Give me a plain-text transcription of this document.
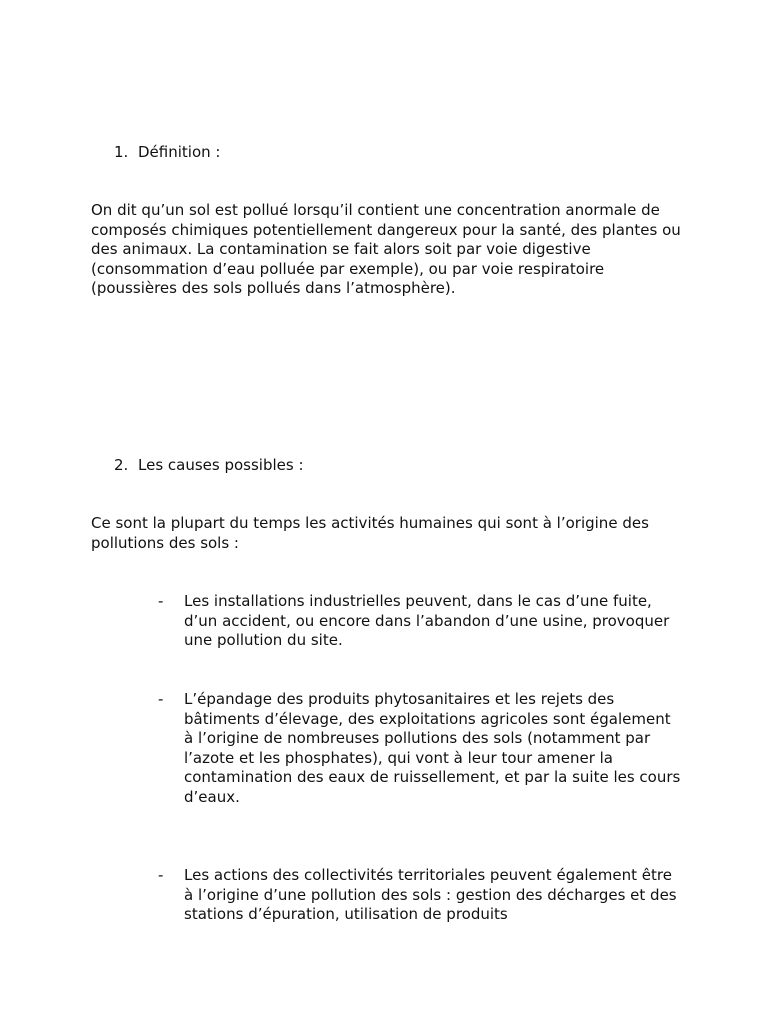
1. Définition :

On dit qu’un sol est pollué lorsqu’il contient une concentration anormale de composés chimiques potentiellement dangereux pour la santé, des plantes ou des animaux. La contamination se fait alors soit par voie digestive (consommation d’eau polluée par exemple), ou par voie respiratoire (poussières des sols pollués dans l’atmosphère).

2. Les causes possibles :

Ce sont la plupart du temps les activités humaines qui sont à l’origine des pollutions des sols :

-	Les installations industrielles peuvent, dans le cas d’une fuite, d’un accident, ou encore dans l’abandon d’une usine, provoquer une pollution du site.
-	L’épandage des produits phytosanitaires et les rejets des bâtiments d’élevage, des exploitations agricoles sont également à l’origine de nombreuses pollutions des sols (notamment par l’azote et les phosphates), qui vont à leur tour amener la contamination des eaux de ruissellement, et par la suite les cours d’eaux.
-	Les actions des collectivités territoriales peuvent également être à l’origine d’une pollution des sols : gestion des décharges et des stations d’épuration, utilisation de produits
